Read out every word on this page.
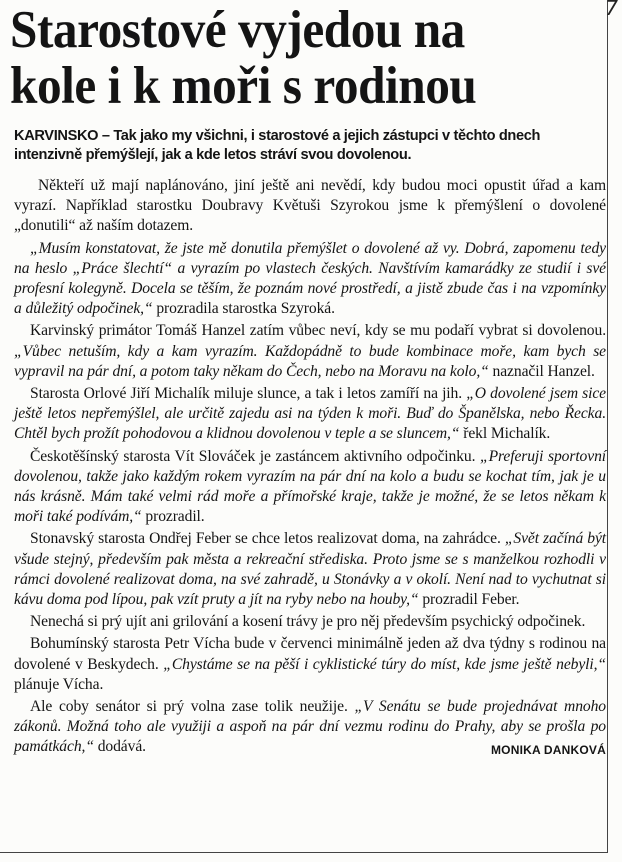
7
Starostové vyjedou na
kole i k moři s rodinou
KARVINSKO – Tak jako my všichni, i starostové a jejich zástupci v těchto dnech intenzivně přemýšlejí, jak a kde letos stráví svou dovolenou.

Někteří už mají naplánováno, jiní ještě ani nevědí, kdy budou moci opustit úřad a kam vyrazí. Například starostku Doubravy Květuši Szyrokou jsme k přemýšlení o dovolené „donutili“ až naším dotazem.

„Musím konstatovat, že jste mě donutila přemýšlet o dovolené až vy. Dobrá, zapomenu tedy na heslo „Práce šlechtí“ a vyrazím po vlastech českých. Navštívím kamarádky ze studií i své profesní kolegyně. Docela se těším, že poznám nové prostředí, a jistě zbude čas i na vzpomínky a důležitý odpočinek,“ prozradila starostka Szyroká.

Karvinský primátor Tomáš Hanzel zatím vůbec neví, kdy se mu podaří vybrat si dovolenou. „Vůbec netuším, kdy a kam vyrazím. Každopádně to bude kombinace moře, kam bych se vypravil na pár dní, a potom taky někam do Čech, nebo na Moravu na kolo,“ naznačil Hanzel.

Starosta Orlové Jiří Michalík miluje slunce, a tak i letos zamíří na jih. „O dovolené jsem sice ještě letos nepřemýšlel, ale určitě zajedu asi na týden k moři. Buď do Španělska, nebo Řecka. Chtěl bych prožít pohodovou a klidnou dovolenou v teple a se sluncem,“ řekl Michalík.

Českotěšínský starosta Vít Slováček je zastáncem aktivního odpočinku. „Preferuji sportovní dovolenou, takže jako každým rokem vyrazím na pár dní na kolo a budu se kochat tím, jak je u nás krásně. Mám také velmi rád moře a přímořské kraje, takže je možné, že se letos někam k moři také podívám,“ prozradil.

Stonavský starosta Ondřej Feber se chce letos realizovat doma, na zahrádce. „Svět začíná být všude stejný, především pak města a rekreační střediska. Proto jsme se s manželkou rozhodli v rámci dovolené realizovat doma, na své zahradě, u Stonávky a v okolí. Není nad to vychutnat si kávu doma pod lípou, pak vzít pruty a jít na ryby nebo na houby,“ prozradil Feber.

Nenechá si prý ujít ani grilování a kosení trávy je pro něj především psychický odpočinek.

Bohumínský starosta Petr Vícha bude v červenci minimálně jeden až dva týdny s rodinou na dovolené v Beskydech. „Chystáme se na pěší i cyklistické túry do míst, kde jsme ještě nebyli,“ plánuje Vícha.

Ale coby senátor si prý volna zase tolik neužije. „V Senátu se bude projednávat mnoho zákonů. Možná toho ale využiji a aspoň na pár dní vezmu rodinu do Prahy, aby se prošla po památkách,“ dodává.	MONIKA DANKOVÁ
